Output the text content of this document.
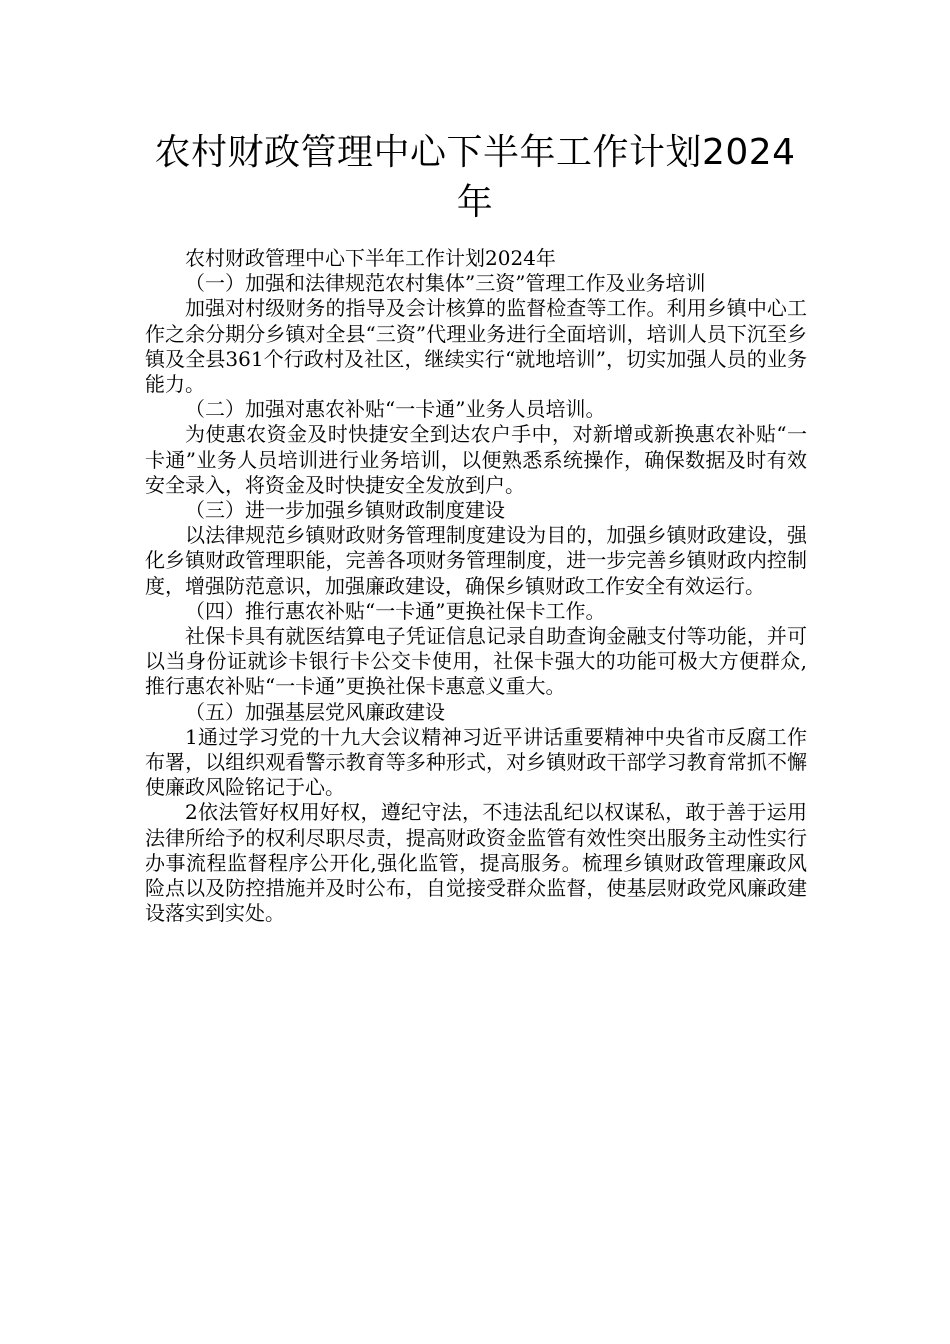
农村财政管理中心下半年工作计划2024年

农村财政管理中心下半年工作计划2024年

（一）加强和法律规范农村集体”三资”管理工作及业务培训

加强对村级财务的指导及会计核算的监督检查等工作。利用乡镇中心工作之余分期分乡镇对全县“三资”代理业务进行全面培训，培训人员下沉至乡镇及全县361个行政村及社区，继续实行“就地培训”，切实加强人员的业务能力。

（二）加强对惠农补贴“一卡通”业务人员培训。

为使惠农资金及时快捷安全到达农户手中，对新增或新换惠农补贴“一卡通”业务人员培训进行业务培训，以便熟悉系统操作，确保数据及时有效安全录入，将资金及时快捷安全发放到户。

（三）进一步加强乡镇财政制度建设

以法律规范乡镇财政财务管理制度建设为目的，加强乡镇财政建设，强化乡镇财政管理职能，完善各项财务管理制度，进一步完善乡镇财政内控制度，增强防范意识，加强廉政建设，确保乡镇财政工作安全有效运行。

（四）推行惠农补贴“一卡通”更换社保卡工作。

社保卡具有就医结算电子凭证信息记录自助查询金融支付等功能，并可以当身份证就诊卡银行卡公交卡使用，社保卡强大的功能可极大方便群众,推行惠农补贴“一卡通”更换社保卡惠意义重大。

（五）加强基层党风廉政建设

1通过学习党的十九大会议精神习近平讲话重要精神中央省市反腐工作布署，以组织观看警示教育等多种形式，对乡镇财政干部学习教育常抓不懈使廉政风险铭记于心。

2依法管好权用好权，遵纪守法，不违法乱纪以权谋私，敢于善于运用法律所给予的权利尽职尽责，提高财政资金监管有效性突出服务主动性实行办事流程监督程序公开化,强化监管，提高服务。梳理乡镇财政管理廉政风险点以及防控措施并及时公布，自觉接受群众监督，使基层财政党风廉政建设落实到实处。
